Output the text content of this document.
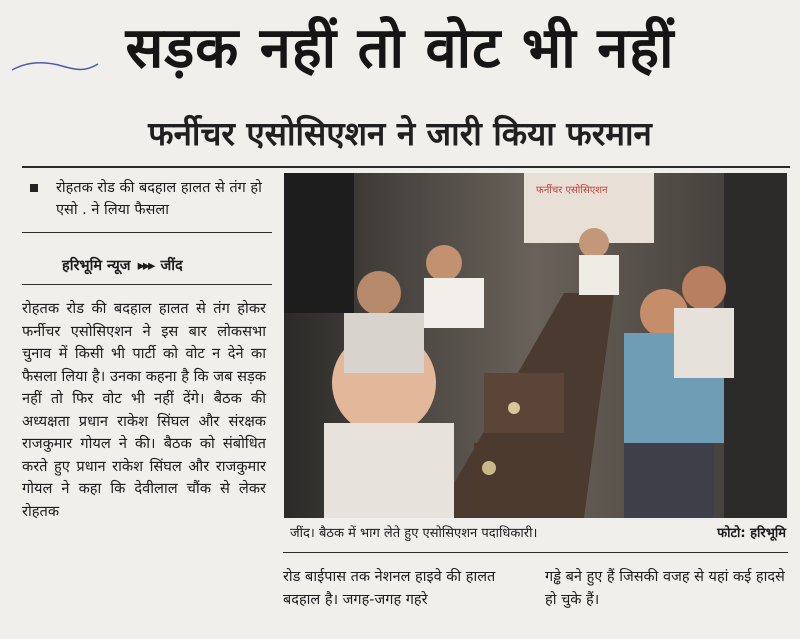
सड़क नहीं तो वोट भी नहीं
फर्नीचर एसोसिएशन ने जारी किया फरमान
रोहतक रोड की बदहाल हालत से तंग हो एसो . ने लिया फैसला
हरिभूमि न्यूज ▸▸▸ जींद

रोहतक रोड की बदहाल हालत से तंग होकर फर्नीचर एसोसिएशन ने इस बार लोकसभा चुनाव में किसी भी पार्टी को वोट न देने का फैसला लिया है। उनका कहना है कि जब सड़क नहीं तो फिर वोट भी नहीं देंगे। बैठक की अध्यक्षता प्रधान राकेश सिंघल और संरक्षक राजकुमार गोयल ने की। बैठक को संबोधित करते हुए प्रधान राकेश सिंघल और राजकुमार गोयल ने कहा कि देवीलाल चौंक से लेकर रोहतक

फर्नीचर एसोसिएशन
जींद। बैठक में भाग लेते हुए एसोसिएशन पदाधिकारी।	फोटो: हरिभूमि

रोड बाईपास तक नेशनल हाइवे की हालत बदहाल है। जगह-जगह गहरे

गड्ढे बने हुए हैं जिसकी वजह से यहां कई हादसे हो चुके हैं।
